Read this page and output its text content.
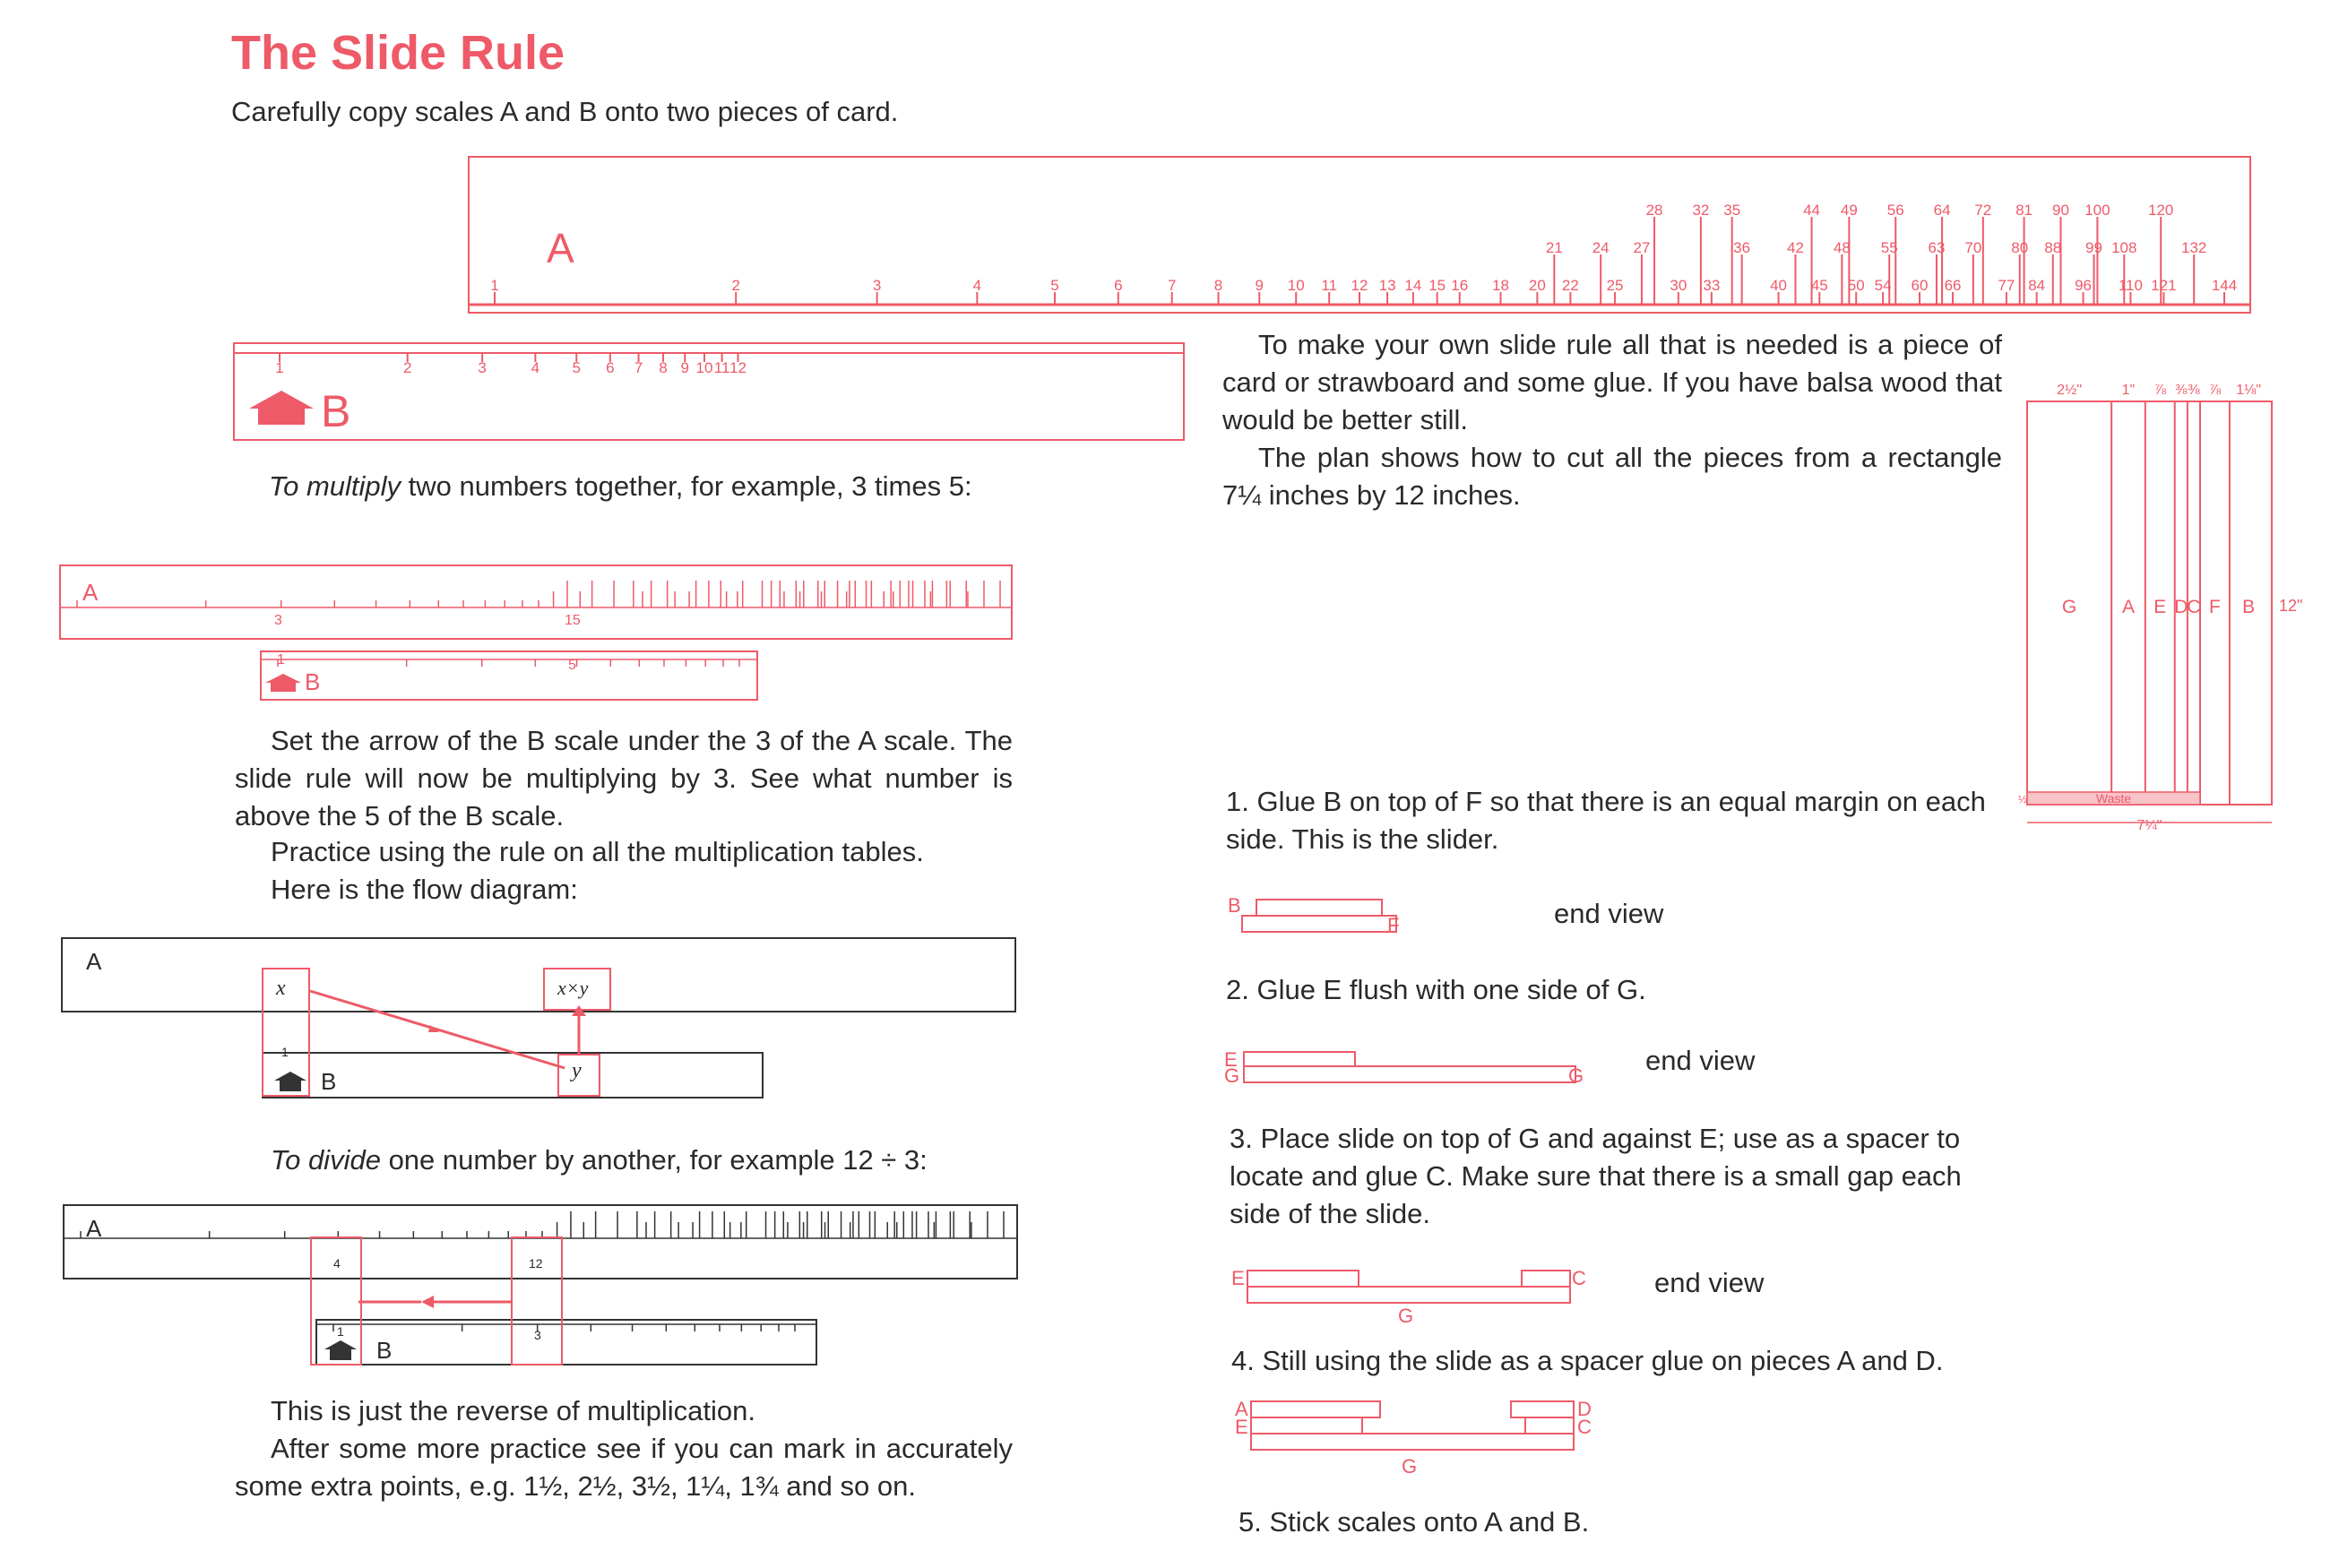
The Slide Rule
Carefully copy scales A and B onto two pieces of card.
A
1	2	3	4	5	6	7 8 9 10 11 12 13 14 15 16 18 20 22 25	30 33	40 45 50 54 60 66 77 84 96 110 121 144
21 24 27	36 42 48 55 63 70 80 88 99 108	132
28 32 35	44 49 56 64 72 81 90 100 120
1	2	3	4 5 6 7 8 9 10 11 12
B
To multiply two numbers together, for example, 3 times 5:
A
3	15
1	5
B
Set the arrow of the B scale under the 3 of the A scale. The slide rule will now be multiplying by 3. See what number is above the 5 of the B scale.
Practice using the rule on all the multiplication tables.
Here is the flow diagram:
A
B
x
1
x×y
y
To divide one number by another, for example 12 ÷ 3:
A
B
4
1
12
3
This is just the reverse of multiplication.
After some more practice see if you can mark in accurately some extra points, e.g. 1½, 2½, 3½, 1¼, 1¾ and so on.
To make your own slide rule all that is needed is a piece of card or strawboard and some glue. If you have balsa wood that would be better still.
The plan shows how to cut all the pieces from a rectangle 7¼ inches by 12 inches.
G
2½"
A
1"
E
⅞
D
⅜
C
⅜
F
⅞
B
1⅛"
Waste
½
12"
7¼"
1. Glue B on top of F so that there is an equal margin on each side. This is the slider.
B
F	end view
2. Glue E flush with one side of G.
E
G	G end view
3. Place slide on top of G and against E; use as a spacer to locate and glue C. Make sure that there is a small gap each side of the slide.
E	C
G
end view
4. Still using the slide as a spacer glue on pieces A and D.
A
E
D
C
G
5. Stick scales onto A and B.
